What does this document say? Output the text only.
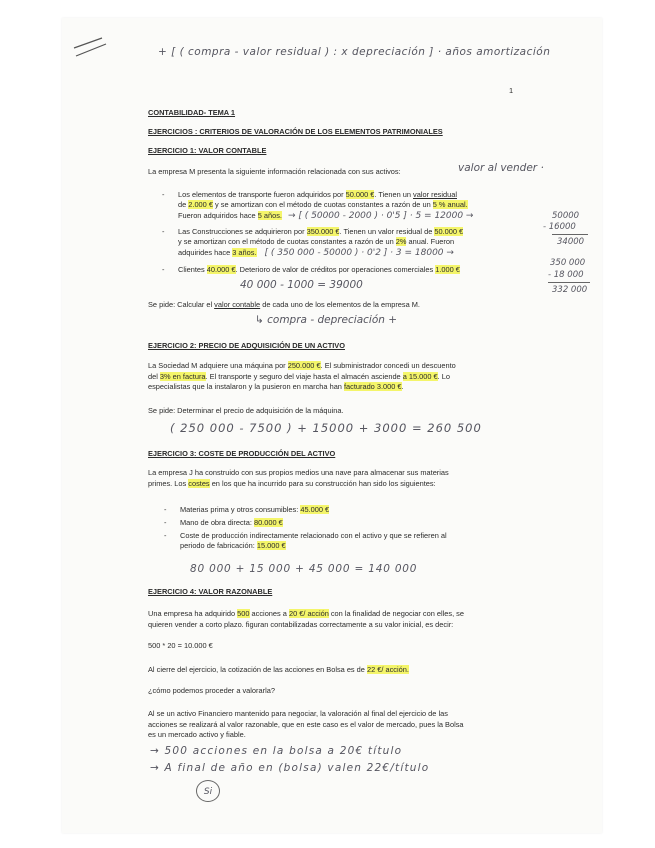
+ [ ( compra - valor residual ) : x depreciación ] · años amortización
1
CONTABILIDAD- TEMA 1
EJERCICIOS : CRITERIOS DE VALORACIÓN DE LOS ELEMENTOS PATRIMONIALES
EJERCICIO 1: VALOR CONTABLE
La empresa M presenta la siguiente información relacionada con sus activos:	valor al vender ·
- Los elementos de transporte fueron adquiridos por 50.000 €. Tienen un valor residual
de 2.000 € y se amortizan con el método de cuotas constantes a razón de un 5 % anual.
Fueron adquiridos hace 5 años. → [ ( 50000 - 2000 ) · 0'5 ] · 5 = 12000 →
- Las Construcciones se adquirieron por 350.000 €. Tienen un valor residual de 50.000 €
y se amortizan con el método de cuotas constantes a razón de un 2% anual. Fueron
adquirides hace 3 años. [ ( 350 000 - 50000 ) · 0'2 ] · 3 = 18000 →
- Clientes 40.000 €. Deterioro de valor de créditos por operaciones comerciales 1.000 €
40 000 - 1000 = 39000
50000
- 16000
34000
350 000
- 18 000
332 000
Se pide: Calcular el valor contable de cada uno de los elementos de la empresa M.
↳ compra - depreciación +
EJERCICIO 2: PRECIO DE ADQUISICIÓN DE UN ACTIVO
La Sociedad M adquiere una máquina por 250.000 €. El subministrador concedi un descuento
del 3% en factura. El transporte y seguro del viaje hasta el almacén asciende a 15.000 €. Lo
especialistas que la instalaron y la pusieron en marcha han facturado 3.000 €.
Se pide: Determinar el precio de adquisición de la máquina.
( 250 000 - 7500 ) + 15000 + 3000 = 260 500
EJERCICIO 3: COSTE DE PRODUCCIÓN DEL ACTIVO
La empresa J ha construido con sus propios medios una nave para almacenar sus materias
primes. Los costes en los que ha incurrido para su construcción han sido los siguientes:
- Materias prima y otros consumibles: 45.000 €
- Mano de obra directa: 80.000 €
- Coste de producción indirectamente relacionado con el activo y que se refieren al
periodo de fabricación: 15.000 €
80 000 + 15 000 + 45 000 = 140 000
EJERCICIO 4: VALOR RAZONABLE
Una empresa ha adquirido 500 acciones a 20 €/ acción con la finalidad de negociar con elles, se
quieren vender a corto plazo. figuran contabilizadas correctamente a su valor inicial, es decir:
500 * 20 = 10.000 €
Al cierre del ejercicio, la cotización de las acciones en Bolsa es de 22 €/ acción.
¿cómo podemos proceder a valorarla?
Al se un activo Financiero mantenido para negociar, la valoración al final del ejercicio de las
acciones se realizará al valor razonable, que en este caso es el valor de mercado, pues la Bolsa
es un mercado activo y fiable.
→ 500 acciones en la bolsa a 20€ título
→ A final de año en (bolsa) valen 22€/título
Si
